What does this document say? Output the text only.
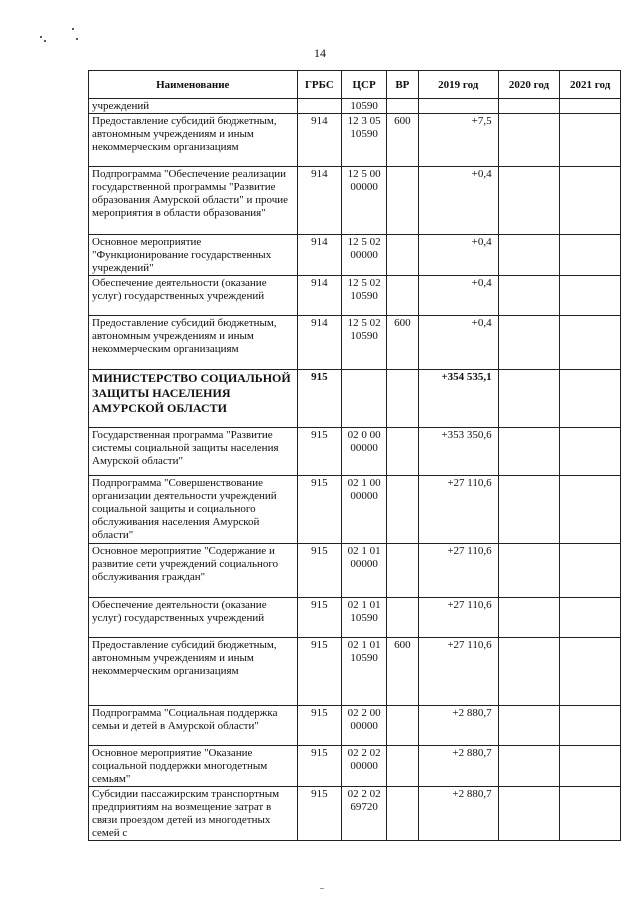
14
Наименование	ГРБС	ЦСР	ВР	2019 год	2020 год	2021 год
учреждений		10590				
Предоставление субсидий бюджетным, автономным учреждениям и иным некоммерческим организациям	914	12 3 05 10590	600	+7,5		
Подпрограмма "Обеспечение реализации государственной программы "Развитие образования Амурской области" и прочие мероприятия в области образования"	914	12 5 00 00000		+0,4		
Основное мероприятие "Функционирование государственных учреждений"	914	12 5 02 00000		+0,4		
Обеспечение деятельности (оказание услуг) государственных учреждений	914	12 5 02 10590		+0,4		
Предоставление субсидий бюджетным, автономным учреждениям и иным некоммерческим организациям	914	12 5 02 10590	600	+0,4		
МИНИСТЕРСТВО СОЦИАЛЬНОЙ ЗАЩИТЫ НАСЕЛЕНИЯ АМУРСКОЙ ОБЛАСТИ	915			+354 535,1		
Государственная программа "Развитие системы социальной защиты населения Амурской области"	915	02 0 00 00000		+353 350,6		
Подпрограмма "Совершенствование организации деятельности учреждений социальной защиты и социального обслуживания населения Амурской области"	915	02 1 00 00000		+27 110,6		
Основное мероприятие "Содержание и развитие сети учреждений социального обслуживания граждан"	915	02 1 01 00000		+27 110,6		
Обеспечение деятельности (оказание услуг) государственных учреждений	915	02 1 01 10590		+27 110,6		
Предоставление субсидий бюджетным, автономным учреждениям и иным некоммерческим организациям	915	02 1 01 10590	600	+27 110,6		
Подпрограмма "Социальная поддержка семьи и детей в Амурской области"	915	02 2 00 00000		+2 880,7		
Основное мероприятие "Оказание социальной поддержки многодетным семьям"	915	02 2 02 00000		+2 880,7		
Субсидии пассажирским транспортным предприятиям на возмещение затрат в связи проездом детей из многодетных семей с	915	02 2 02 69720		+2 880,7		
